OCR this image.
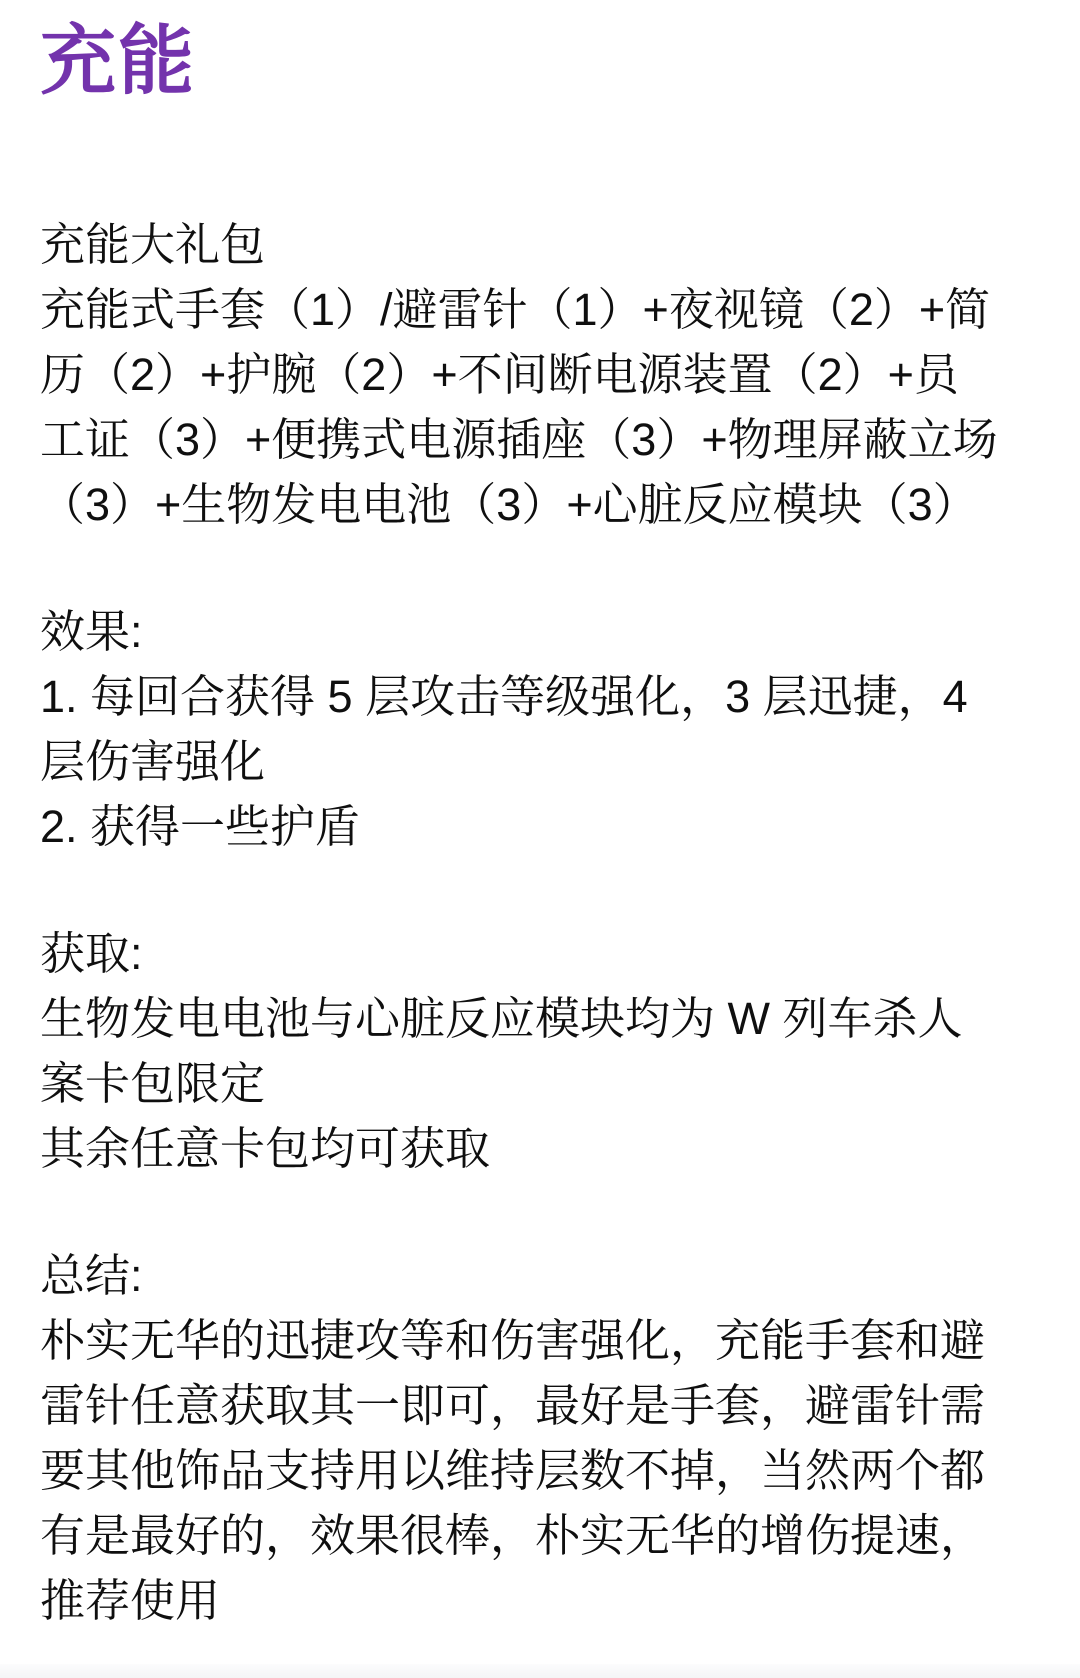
充能
充能大礼包
充能式手套（1）/避雷针（1）+夜视镜（2）+简
历（2）+护腕（2）+不间断电源装置（2）+员
工证（3）+便携式电源插座（3）+物理屏蔽立场
（3）+生物发电电池（3）+心脏反应模块（3）
效果:
1. 每回合获得 5 层攻击等级强化，3 层迅捷，4
层伤害强化
2. 获得一些护盾
获取:
生物发电电池与心脏反应模块均为 W 列车杀人
案卡包限定
其余任意卡包均可获取
总结:
朴实无华的迅捷攻等和伤害强化，充能手套和避
雷针任意获取其一即可，最好是手套，避雷针需
要其他饰品支持用以维持层数不掉，当然两个都
有是最好的，效果很棒，朴实无华的增伤提速，
推荐使用
